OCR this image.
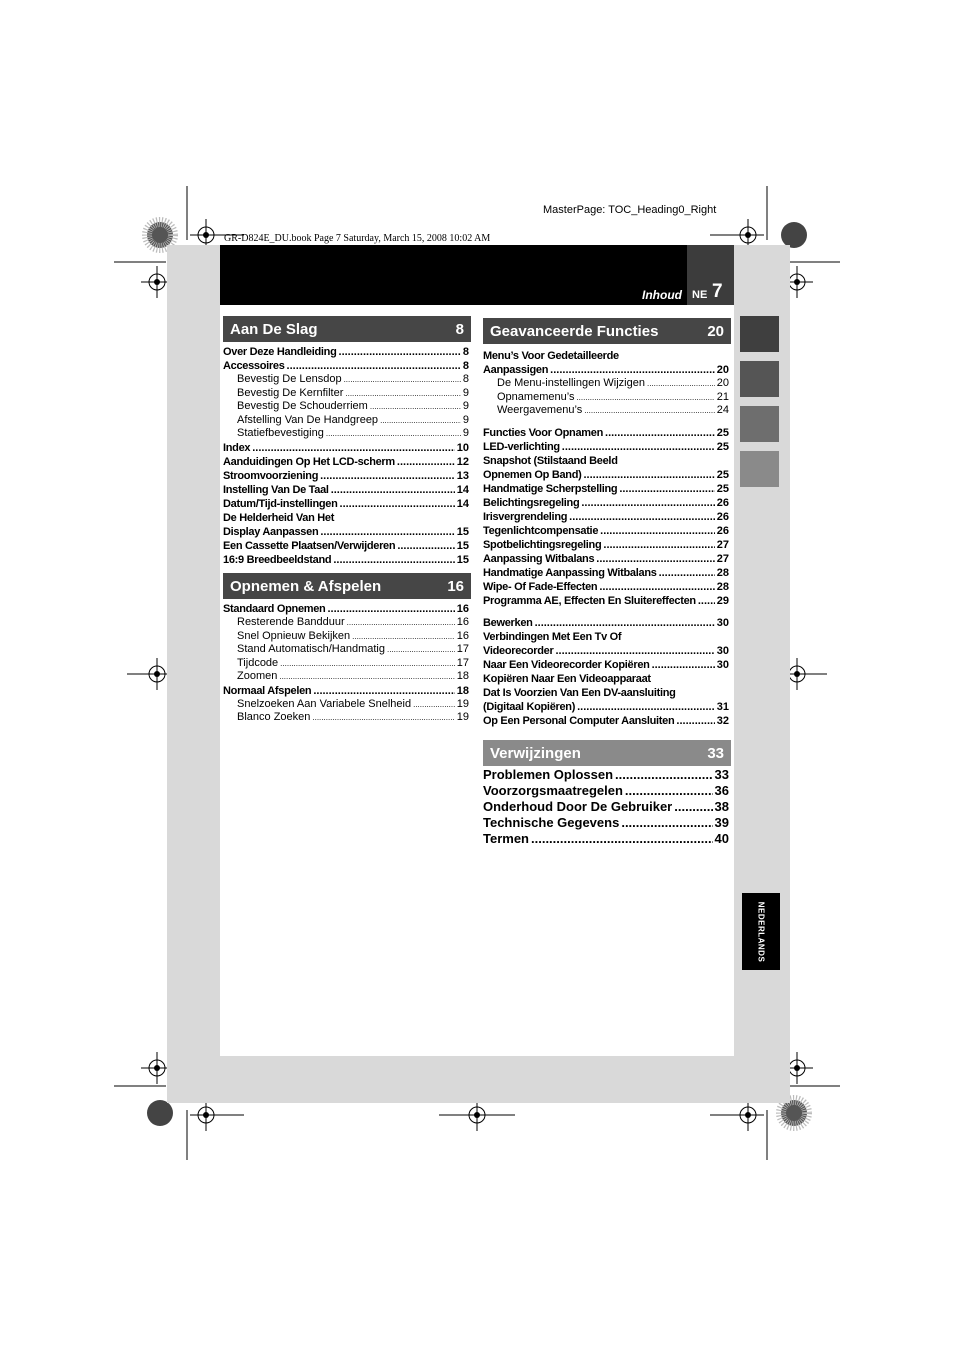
MasterPage: TOC_Heading0_Right
GR-D824E_DU.book Page 7 Saturday, March 15, 2008 10:02 AM
Inhoud NE 7
NEDERLANDS
Aan De Slag	8
Over Deze Handleiding .....	8
Accessoires .....	8
Bevestig De Lensdop .....	8
Bevestig De Kernfilter .....	9
Bevestig De Schouderriem .....	9
Afstelling Van De Handgreep .....	9
Statiefbevestiging .....	9
Index .....	10
Aanduidingen Op Het LCD-scherm .....	12
Stroomvoorziening .....	13
Instelling Van De Taal .....	14
Datum/Tijd-instellingen .....	14
De Helderheid Van Het
Display Aanpassen .....	15
Een Cassette Plaatsen/Verwijderen .....	15
16:9 Breedbeeldstand .....	15
Opnemen & Afspelen	16
Standaard Opnemen .....	16
Resterende Bandduur .....	16
Snel Opnieuw Bekijken .....	16
Stand Automatisch/Handmatig .....	17
Tijdcode .....	17
Zoomen .....	18
Normaal Afspelen .....	18
Snelzoeken Aan Variabele Snelheid .....	19
Blanco Zoeken .....	19
Geavanceerde Functies	20
Menu’s Voor Gedetailleerde
Aanpassigen .....	20
De Menu-instellingen Wijzigen .....	20
Opnamemenu’s .....	21
Weergavemenu’s .....	24
Functies Voor Opnamen .....	25
LED-verlichting .....	25
Snapshot (Stilstaand Beeld
Opnemen Op Band) .....	25
Handmatige Scherpstelling .....	25
Belichtingsregeling .....	26
Irisvergrendeling .....	26
Tegenlichtcompensatie .....	26
Spotbelichtingsregeling .....	27
Aanpassing Witbalans .....	27
Handmatige Aanpassing Witbalans .....	28
Wipe- Of Fade-Effecten .....	28
Programma AE, Effecten En Sluitereffecten ..... 29
Bewerken .....	30
Verbindingen Met Een Tv Of
Videorecorder .....	30
Naar Een Videorecorder Kopiëren .....	30
Kopiëren Naar Een Videoapparaat
Dat Is Voorzien Van Een DV-aansluiting
(Digitaal Kopiëren) .....	31
Op Een Personal Computer Aansluiten .....	32
Verwijzingen	33
Problemen Oplossen .....	33
Voorzorgsmaatregelen .....	36
Onderhoud Door De Gebruiker .....	38
Technische Gegevens .....	39
Termen .....	40
